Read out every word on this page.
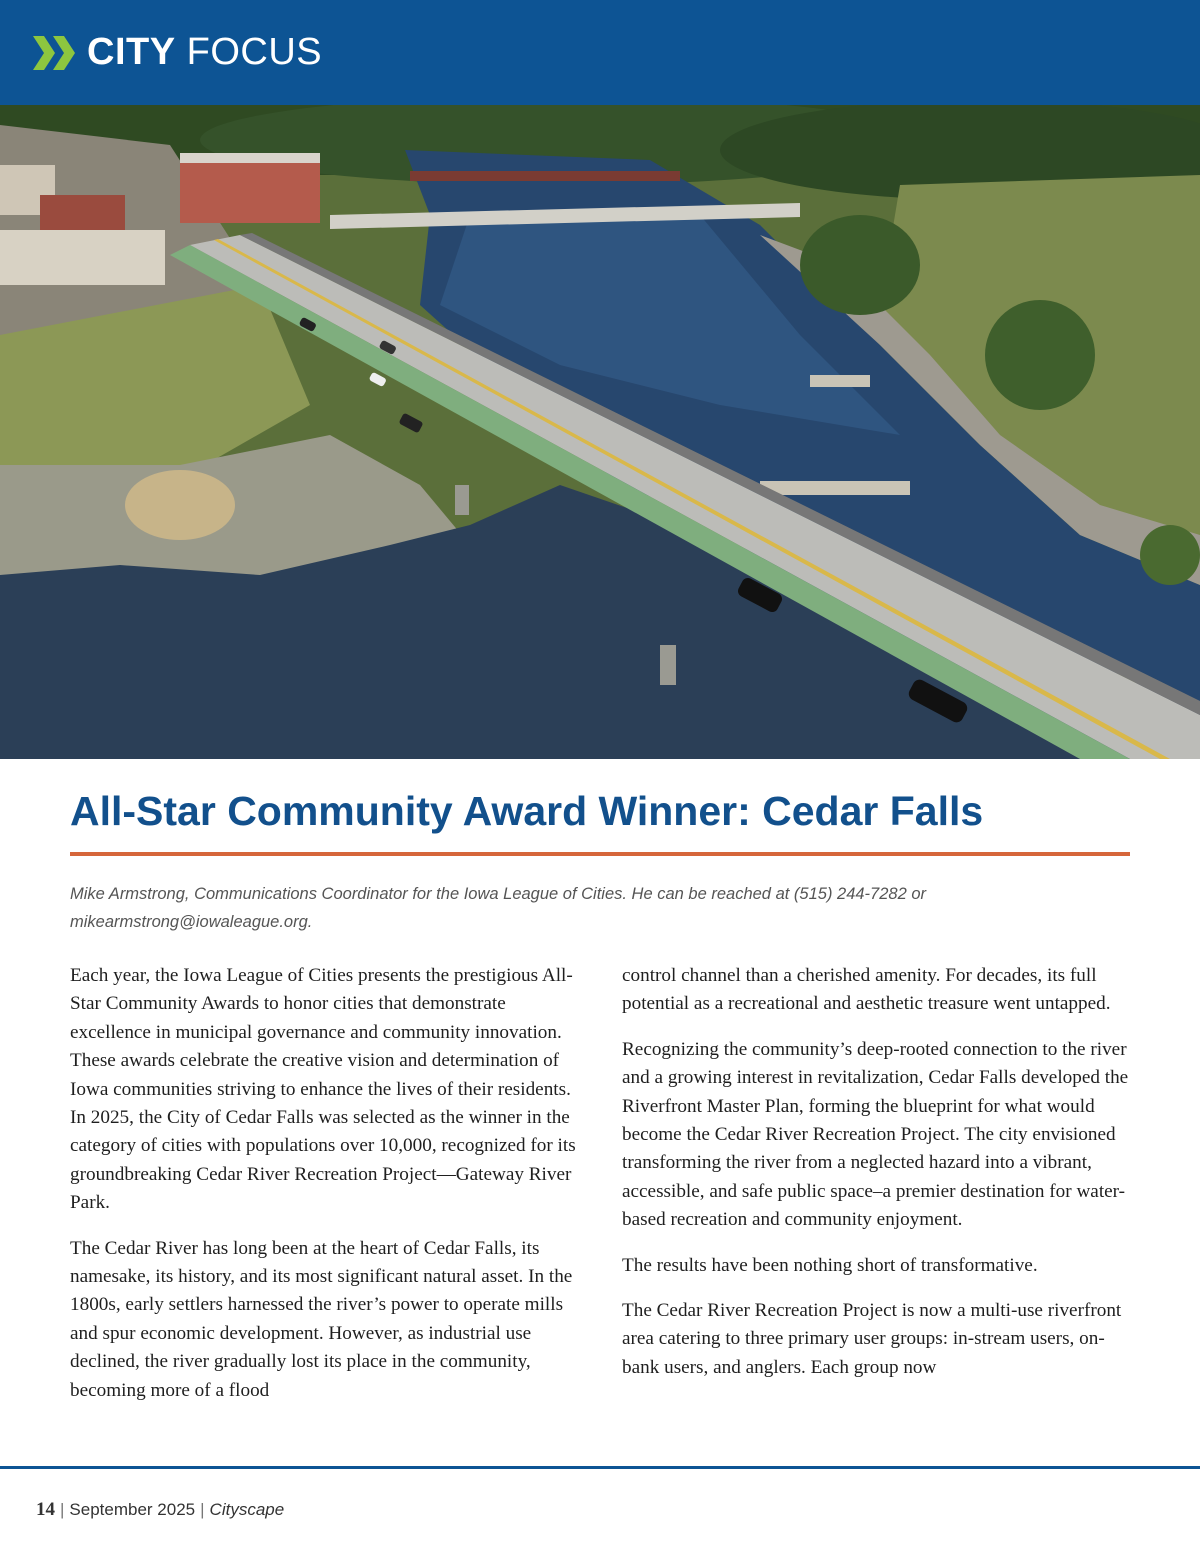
CITY FOCUS
All-Star Community Award Winner: Cedar Falls

Mike Armstrong, Communications Coordinator for the Iowa League of Cities. He can be reached at (515) 244-7282 or mikearmstrong@iowaleague.org.

Each year, the Iowa League of Cities presents the prestigious All-Star Community Awards to honor cities that demonstrate excellence in municipal governance and community innovation. These awards celebrate the creative vision and determination of Iowa communities striving to enhance the lives of their residents. In 2025, the City of Cedar Falls was selected as the winner in the category of cities with populations over 10,000, recognized for its groundbreaking Cedar River Recreation Project—Gateway River Park.

The Cedar River has long been at the heart of Cedar Falls, its namesake, its history, and its most significant natural asset. In the 1800s, early settlers harnessed the river’s power to operate mills and spur economic development. However, as industrial use declined, the river gradually lost its place in the community, becoming more of a flood

control channel than a cherished amenity. For decades, its full potential as a recreational and aesthetic treasure went untapped.

Recognizing the community’s deep-rooted connection to the river and a growing interest in revitalization, Cedar Falls developed the Riverfront Master Plan, forming the blueprint for what would become the Cedar River Recreation Project. The city envisioned transforming the river from a neglected hazard into a vibrant, accessible, and safe public space–a premier destination for water-based recreation and community enjoyment.

The results have been nothing short of transformative.

The Cedar River Recreation Project is now a multi-use riverfront area catering to three primary user groups: in-stream users, on-bank users, and anglers. Each group now

14 | September 2025 | Cityscape
